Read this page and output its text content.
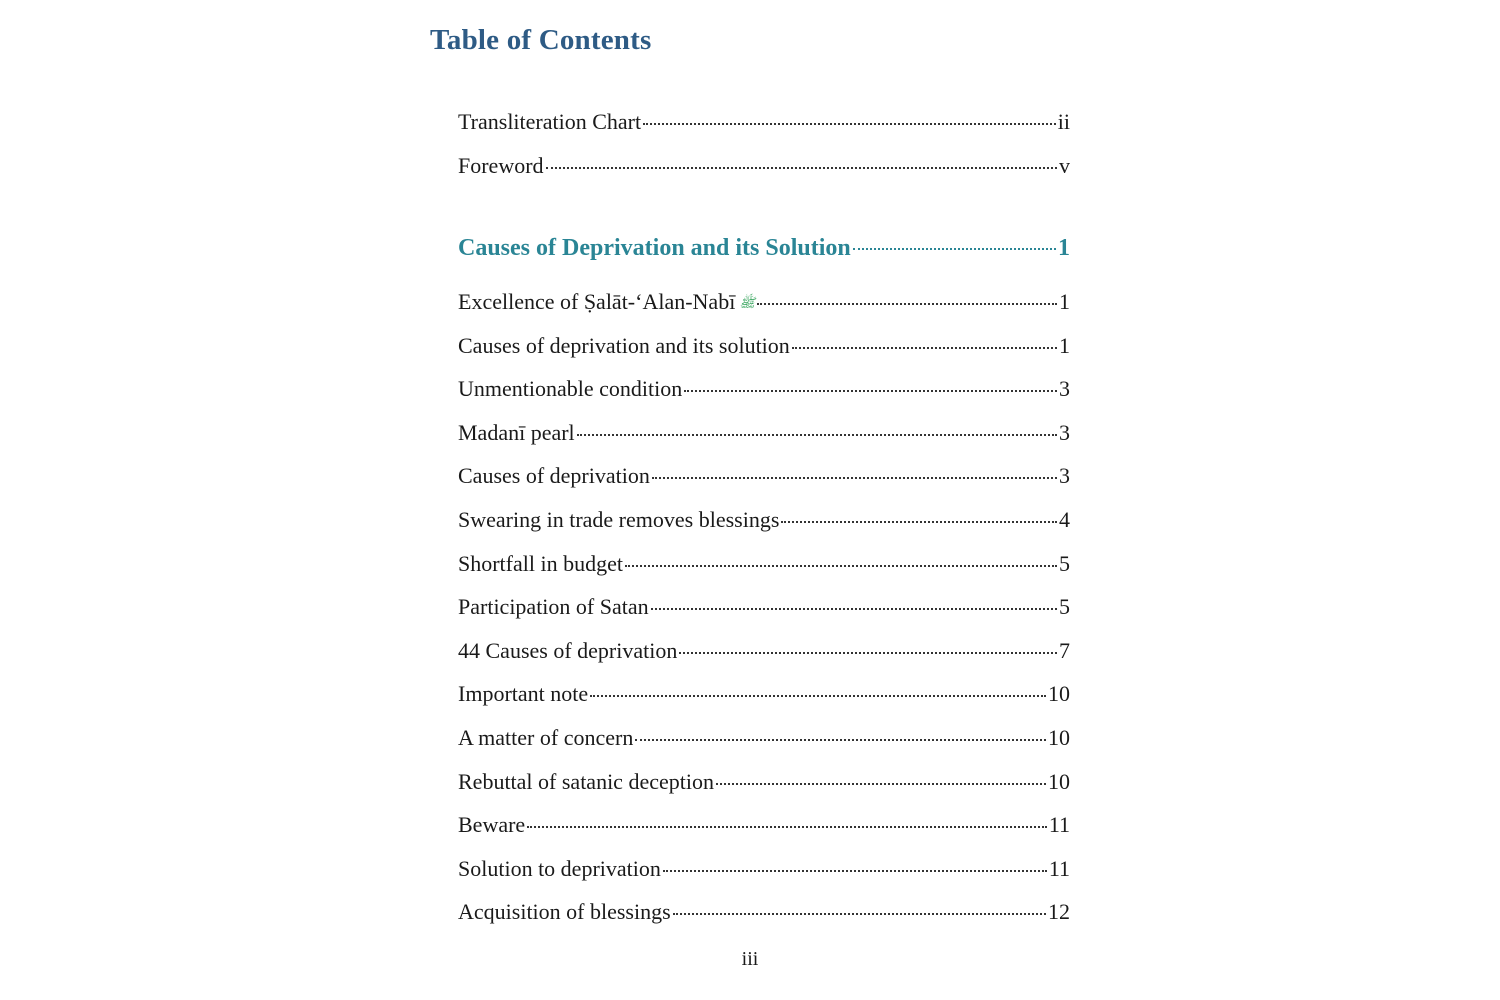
Table of Contents
Transliteration Chart	ii
Foreword	v
Causes of Deprivation and its Solution	1
Excellence of Ṣalāt-‘Alan-Nabī ﷺ	1
Causes of deprivation and its solution	1
Unmentionable condition	3
Madanī pearl	3
Causes of deprivation	3
Swearing in trade removes blessings	4
Shortfall in budget	5
Participation of Satan	5
44 Causes of deprivation	7
Important note	10
A matter of concern	10
Rebuttal of satanic deception	10
Beware	11
Solution to deprivation	11
Acquisition of blessings	12
iii
